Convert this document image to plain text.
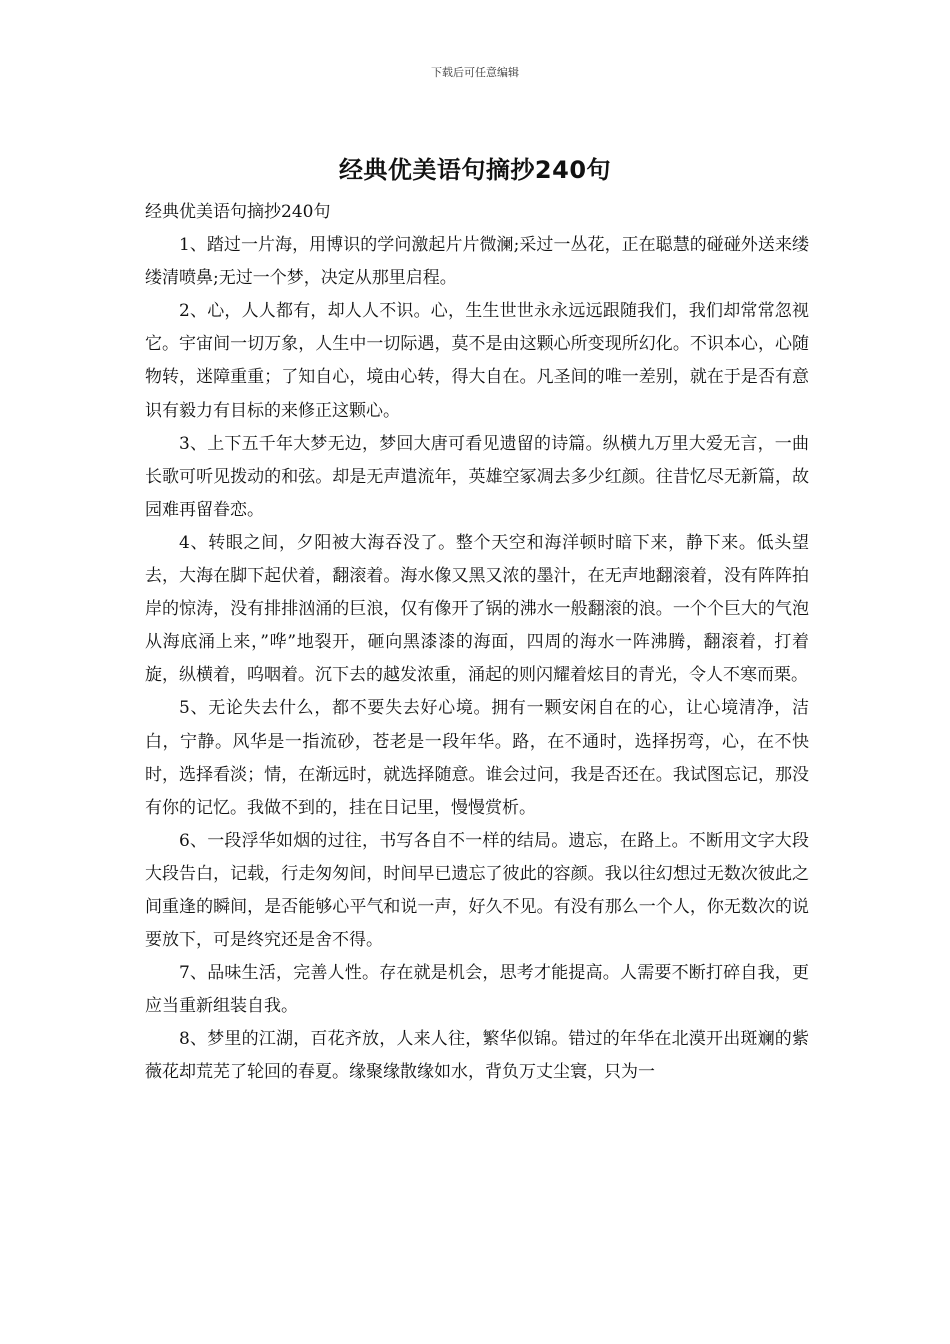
下载后可任意编辑
经典优美语句摘抄240句

经典优美语句摘抄240句

1、踏过一片海，用博识的学问激起片片微澜;采过一丛花，正在聪慧的碰碰外送来缕缕清喷鼻;无过一个梦，决定从那里启程。

2、心，人人都有，却人人不识。心，生生世世永永远远跟随我们，我们却常常忽视它。宇宙间一切万象，人生中一切际遇，莫不是由这颗心所变现所幻化。不识本心，心随物转，迷障重重；了知自心，境由心转，得大自在。凡圣间的唯一差别，就在于是否有意识有毅力有目标的来修正这颗心。

3、上下五千年大梦无边，梦回大唐可看见遗留的诗篇。纵横九万里大爱无言，一曲长歌可听见拨动的和弦。却是无声遣流年，英雄空冢凋去多少红颜。往昔忆尽无新篇，故园难再留眷恋。

4、转眼之间，夕阳被大海吞没了。整个天空和海洋顿时暗下来，静下来。低头望去，大海在脚下起伏着，翻滚着。海水像又黑又浓的墨汁，在无声地翻滚着，没有阵阵拍岸的惊涛，没有排排汹涌的巨浪，仅有像开了锅的沸水一般翻滚的浪。一个个巨大的气泡从海底涌上来，”哗”地裂开，砸向黑漆漆的海面，四周的海水一阵沸腾，翻滚着，打着旋，纵横着，呜咽着。沉下去的越发浓重，涌起的则闪耀着炫目的青光，令人不寒而栗。

5、无论失去什么，都不要失去好心境。拥有一颗安闲自在的心，让心境清净，洁白，宁静。风华是一指流砂，苍老是一段年华。路，在不通时，选择拐弯，心，在不快时，选择看淡；情，在渐远时，就选择随意。谁会过问，我是否还在。我试图忘记，那没有你的记忆。我做不到的，挂在日记里，慢慢赏析。

6、一段浮华如烟的过往，书写各自不一样的结局。遗忘，在路上。不断用文字大段大段告白，记载，行走匆匆间，时间早已遗忘了彼此的容颜。我以往幻想过无数次彼此之间重逢的瞬间，是否能够心平气和说一声，好久不见。有没有那么一个人，你无数次的说要放下，可是终究还是舍不得。

7、品味生活，完善人性。存在就是机会，思考才能提高。人需要不断打碎自我，更应当重新组装自我。

8、梦里的江湖，百花齐放，人来人往，繁华似锦。错过的年华在北漠开出斑斓的紫薇花却荒芜了轮回的春夏。缘聚缘散缘如水，背负万丈尘寰，只为一
